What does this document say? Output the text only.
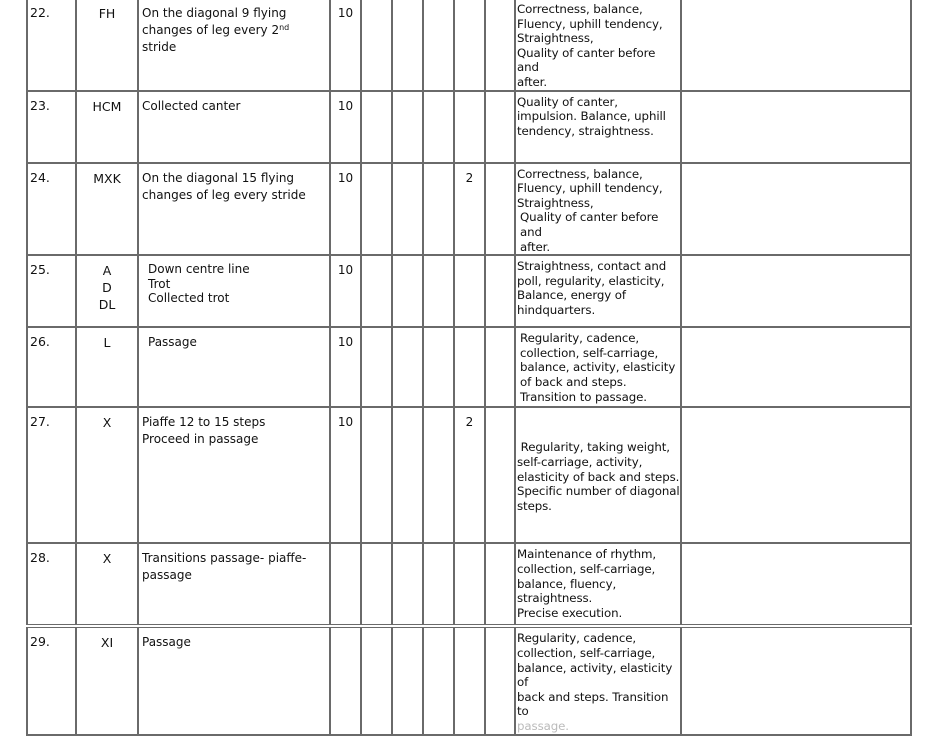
22.	FH	On the diagonal 9 flying
changes of leg every 2nd stride	10						Correctness, balance,
Fluency, uphill tendency,
Straightness,
Quality of canter before and
after.	

23.	HCM	Collected canter	10						Quality of canter,
impulsion. Balance, uphill
tendency, straightness.	

24.	MXK	On the diagonal 15 flying
changes of leg every stride	10				2		Correctness, balance,
Fluency, uphill tendency,
Straightness,
Quality of canter before and
after.	

25.	A
D
DL	Down centre line
Trot
Collected trot	10						Straightness, contact and
poll, regularity, elasticity,
Balance, energy of
hindquarters.	

26.	L	Passage	10						Regularity, cadence,
collection, self-carriage,
balance, activity, elasticity
of back and steps.
Transition to passage.	

27.	X	Piaffe 12 to 15 steps
Proceed in passage	10				2		Regularity, taking weight,
self-carriage, activity,
elasticity of back and steps.
Specific number of diagonal
steps.	

28.	X	Transitions passage- piaffe-
passage							Maintenance of rhythm,
collection, self-carriage,
balance, fluency,
straightness.
Precise execution.	

29.	XI	Passage							Regularity, cadence,
collection, self-carriage,
balance, activity, elasticity of
back and steps. Transition to
passage.	
